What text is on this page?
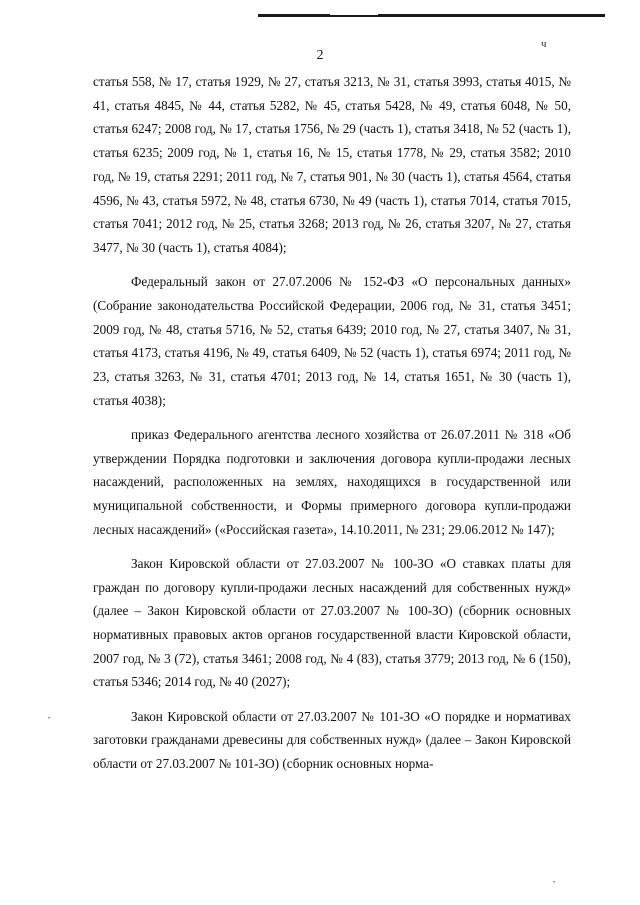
2
ч
•
•

статья 558, № 17, статья 1929, № 27, статья 3213, № 31, статья 3993, статья 4015, № 41, статья 4845, № 44, статья 5282, № 45, статья 5428, № 49, статья 6048, № 50, статья 6247; 2008 год, № 17, статья 1756, № 29 (часть 1), статья 3418, № 52 (часть 1), статья 6235; 2009 год, № 1, статья 16, № 15, статья 1778, № 29, статья 3582; 2010 год, № 19, статья 2291; 2011 год, № 7, статья 901, № 30 (часть 1), статья 4564, статья 4596, № 43, статья 5972, № 48, статья 6730, № 49 (часть 1), статья 7014, статья 7015, статья 7041; 2012 год, № 25, статья 3268; 2013 год, № 26, статья 3207, № 27, статья 3477, № 30 (часть 1), статья 4084);

Федеральный закон от 27.07.2006 № 152-ФЗ «О персональных данных» (Собрание законодательства Российской Федерации, 2006 год, № 31, статья 3451; 2009 год, № 48, статья 5716, № 52, статья 6439; 2010 год, № 27, статья 3407, № 31, статья 4173, статья 4196, № 49, статья 6409, № 52 (часть 1), статья 6974; 2011 год, № 23, статья 3263, № 31, статья 4701; 2013 год, № 14, статья 1651, № 30 (часть 1), статья 4038);

приказ Федерального агентства лесного хозяйства от 26.07.2011 № 318 «Об утверждении Порядка подготовки и заключения договора купли-продажи лесных насаждений, расположенных на землях, находящихся в государственной или муниципальной собственности, и Формы примерного договора купли-продажи лесных насаждений» («Российская газета», 14.10.2011, № 231; 29.06.2012 № 147);

Закон Кировской области от 27.03.2007 № 100-ЗО «О ставках платы для граждан по договору купли-продажи лесных насаждений для собственных нужд» (далее – Закон Кировской области от 27.03.2007 № 100-ЗО) (сборник основных нормативных правовых актов органов государственной власти Кировской области, 2007 год, № 3 (72), статья 3461; 2008 год, № 4 (83), статья 3779; 2013 год, № 6 (150), статья 5346; 2014 год, № 40 (2027);

Закон Кировской области от 27.03.2007 № 101-ЗО «О порядке и нормативах заготовки гражданами древесины для собственных нужд» (далее – Закон Кировской области от 27.03.2007 № 101-ЗО) (сборник основных норма-
